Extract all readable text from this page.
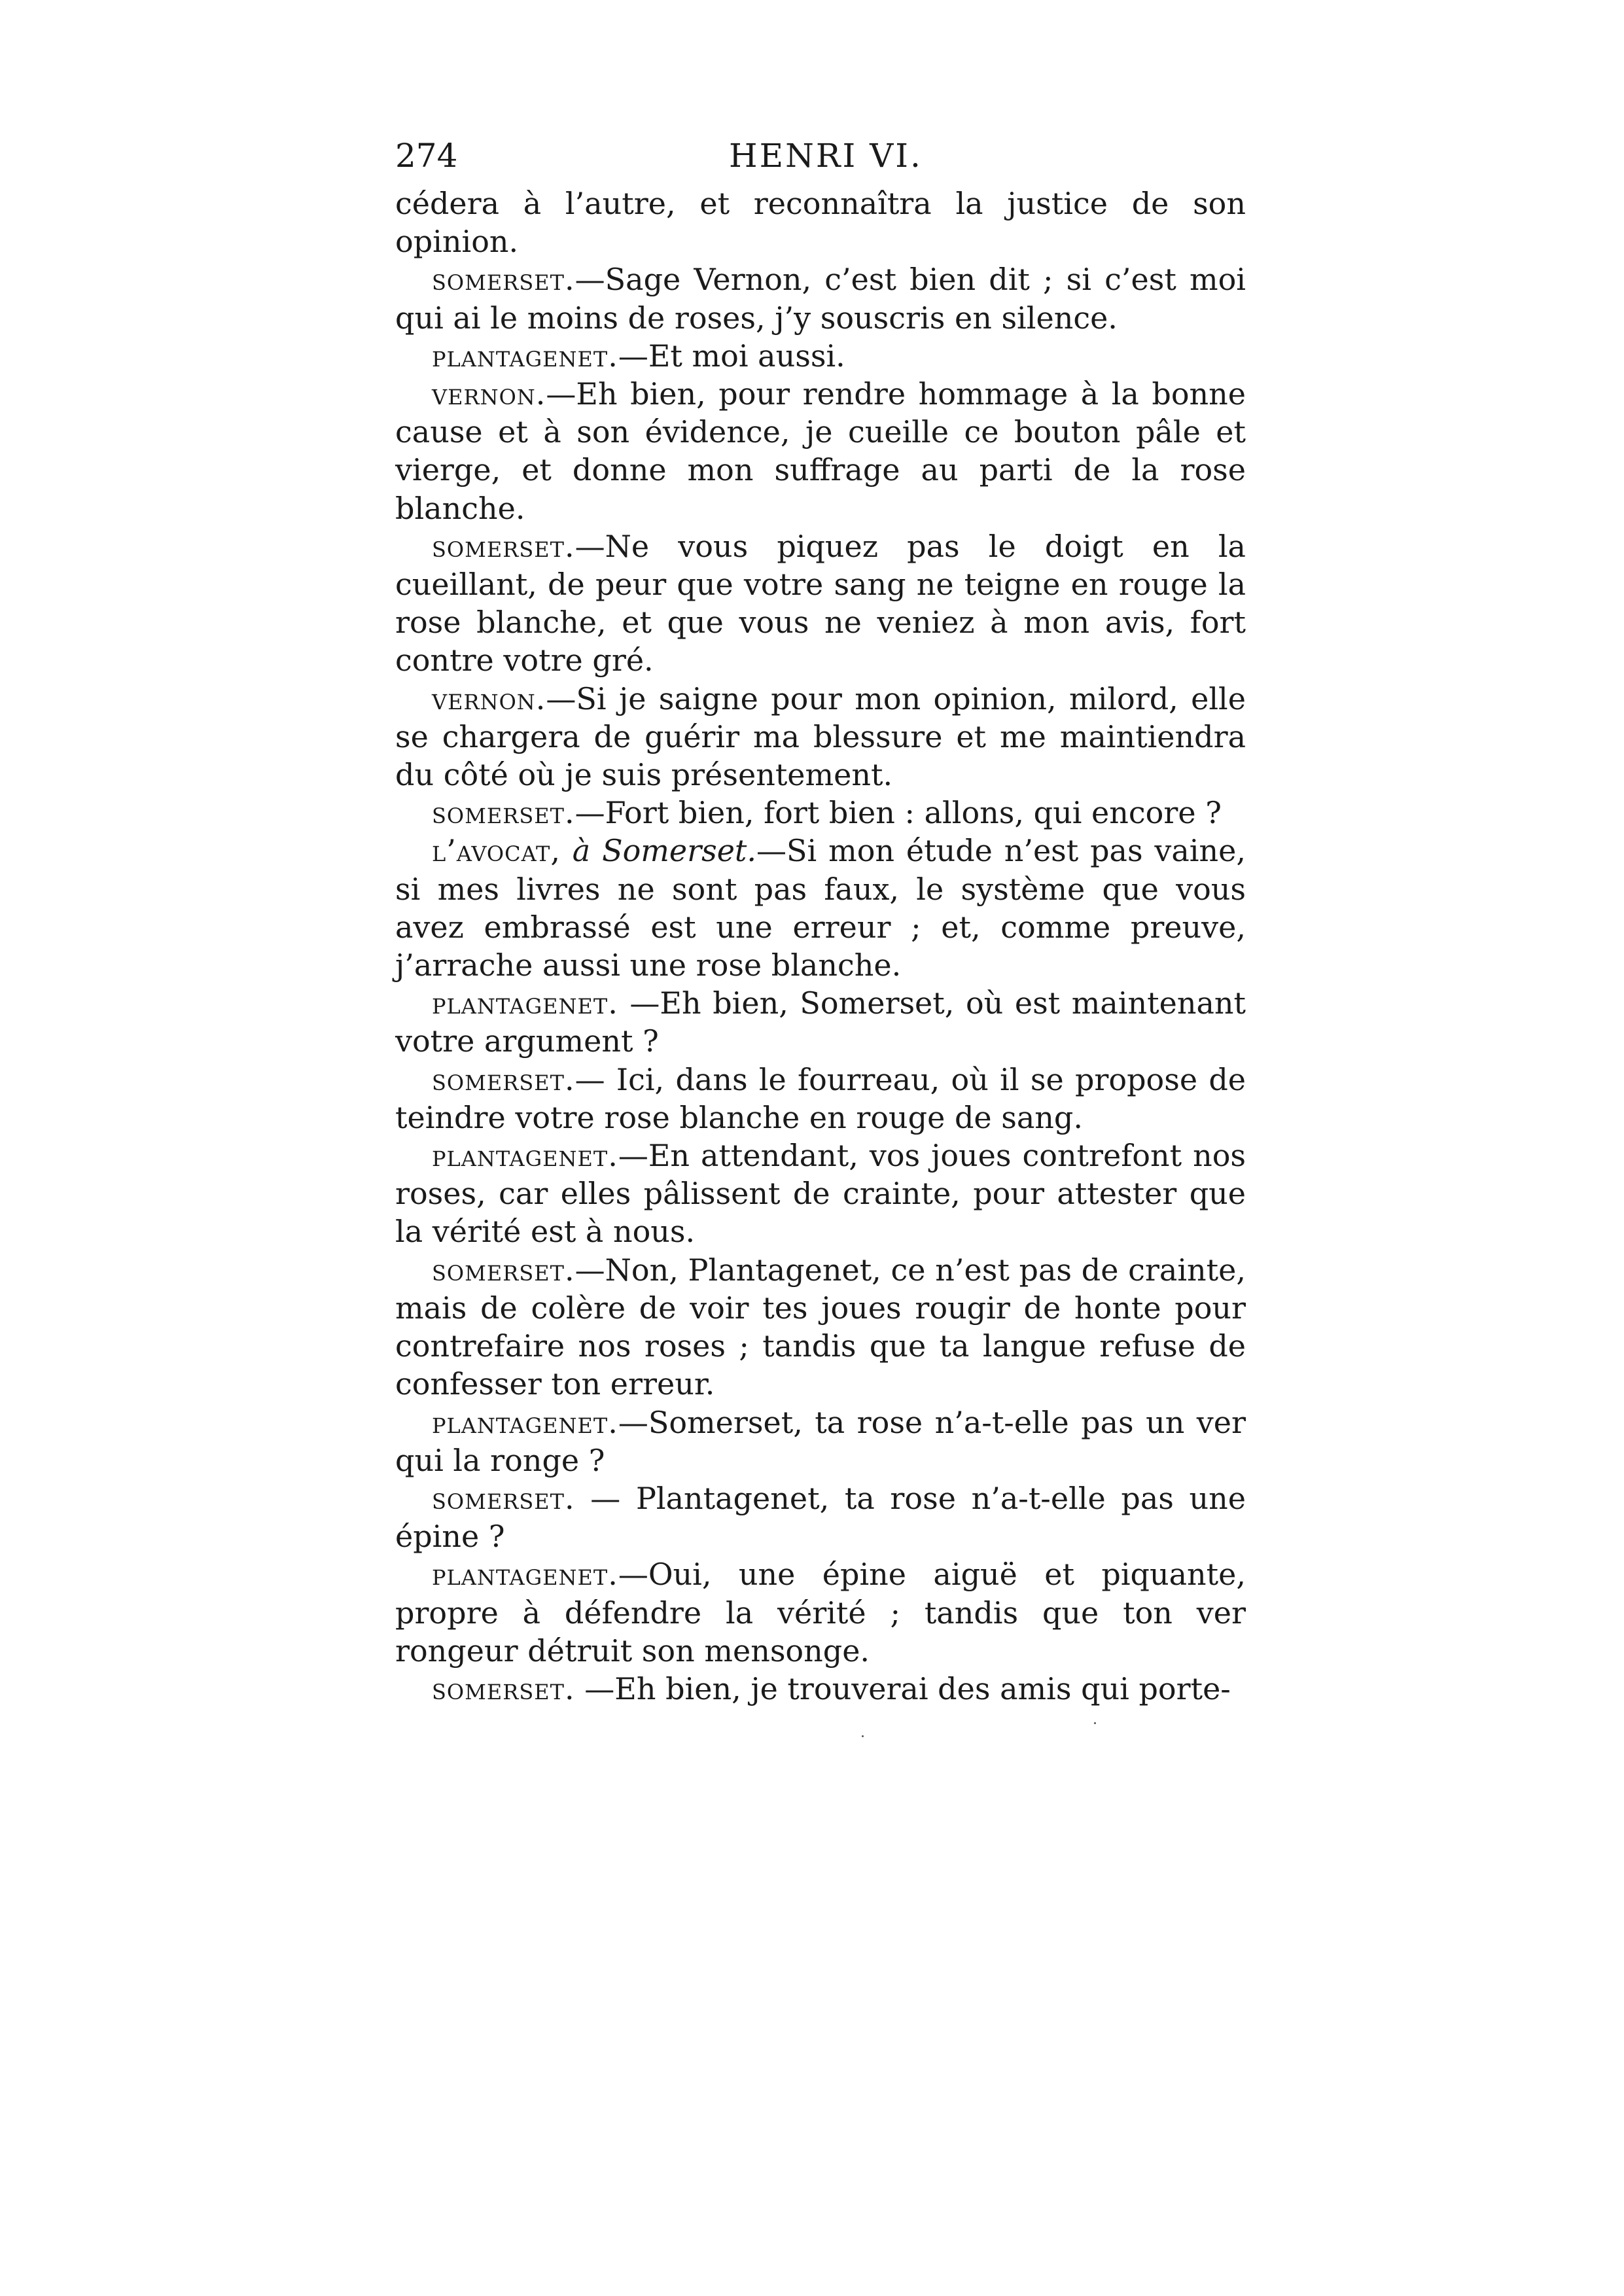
274	HENRI VI.

cédera à l’autre, et reconnaîtra la justice de son opinion.

somerset.—Sage Vernon, c’est bien dit ; si c’est moi qui ai le moins de roses, j’y souscris en silence.

plantagenet.—Et moi aussi.

vernon.—Eh bien, pour rendre hommage à la bonne cause et à son évidence, je cueille ce bouton pâle et vierge, et donne mon suffrage au parti de la rose blanche.

somerset.—Ne vous piquez pas le doigt en la cueillant, de peur que votre sang ne teigne en rouge la rose blanche, et que vous ne veniez à mon avis, fort contre votre gré.

vernon.—Si je saigne pour mon opinion, milord, elle se chargera de guérir ma blessure et me maintiendra du côté où je suis présentement.

somerset.—Fort bien, fort bien : allons, qui encore ?

l’avocat, à Somerset.—Si mon étude n’est pas vaine, si mes livres ne sont pas faux, le système que vous avez embrassé est une erreur ; et, comme preuve, j’arrache aussi une rose blanche.

plantagenet. —Eh bien, Somerset, où est maintenant votre argument ?

somerset.— Ici, dans le fourreau, où il se propose de teindre votre rose blanche en rouge de sang.

plantagenet.—En attendant, vos joues contrefont nos roses, car elles pâlissent de crainte, pour attester que la vérité est à nous.

somerset.—Non, Plantagenet, ce n’est pas de crainte, mais de colère de voir tes joues rougir de honte pour contrefaire nos roses ; tandis que ta langue refuse de confesser ton erreur.

plantagenet.—Somerset, ta rose n’a-t-elle pas un ver qui la ronge ?

somerset. — Plantagenet, ta rose n’a-t-elle pas une épine ?

plantagenet.—Oui, une épine aiguë et piquante, propre à défendre la vérité ; tandis que ton ver rongeur détruit son mensonge.

somerset. —Eh bien, je trouverai des amis qui porte-
